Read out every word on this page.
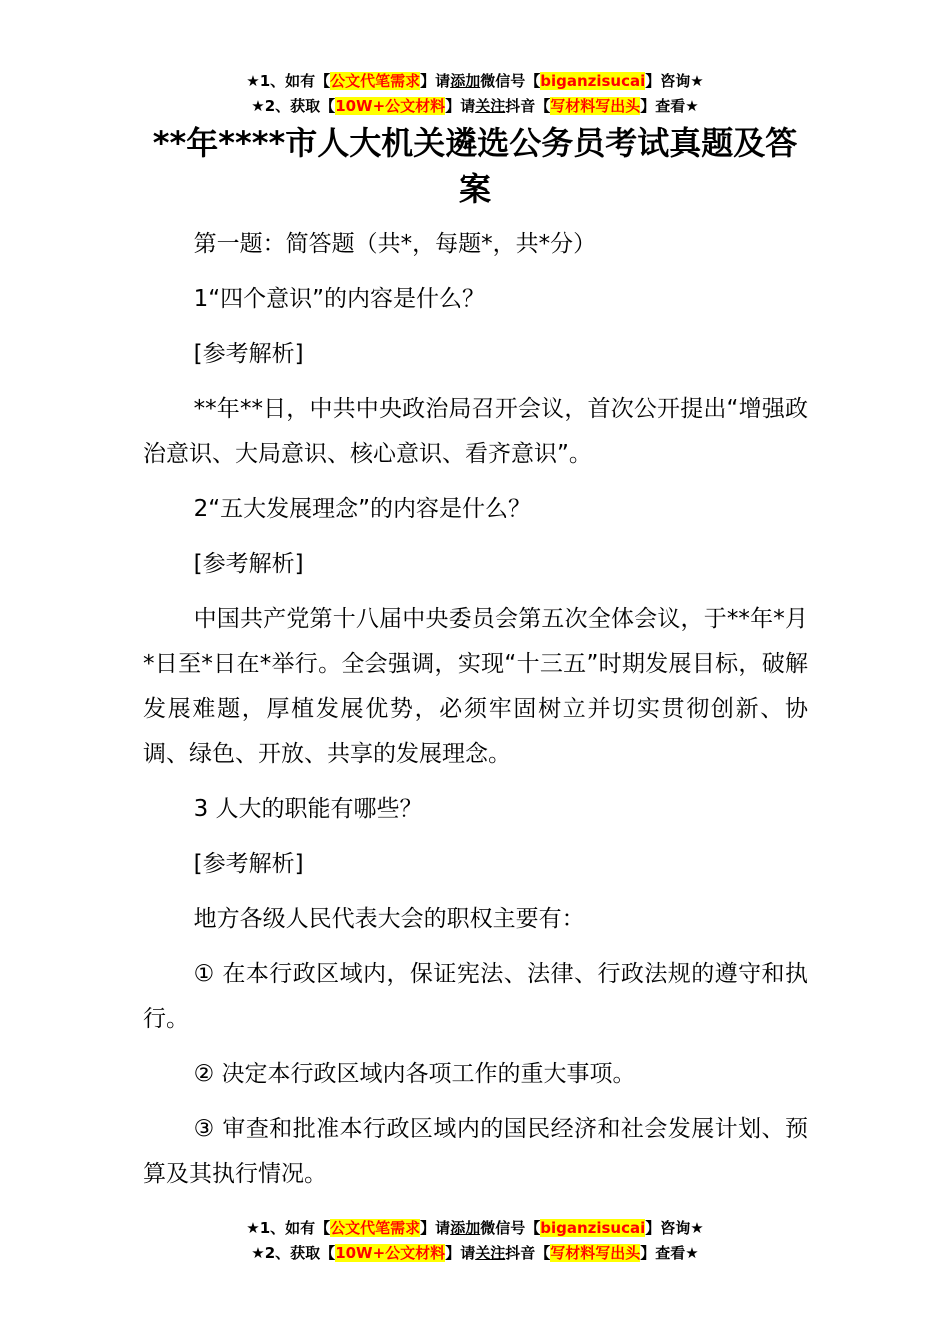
★1、如有【公文代笔需求】请添加微信号【biganzisucai】咨询★
★2、获取【10W+公文材料】请关注抖音【写材料写出头】查看★
**年****市人大机关遴选公务员考试真题及答案

第一题：简答题（共*，每题*，共*分）

1“四个意识”的内容是什么？

[参考解析]

**年**日，中共中央政治局召开会议，首次公开提出“增强政治意识、大局意识、核心意识、看齐意识”。

2“五大发展理念”的内容是什么？

[参考解析]

中国共产党第十八届中央委员会第五次全体会议，于**年*月*日至*日在*举行。全会强调，实现“十三五”时期发展目标，破解发展难题，厚植发展优势，必须牢固树立并切实贯彻创新、协调、绿色、开放、共享的发展理念。

3 人大的职能有哪些？

[参考解析]

地方各级人民代表大会的职权主要有：

① 在本行政区域内，保证宪法、法律、行政法规的遵守和执行。

② 决定本行政区域内各项工作的重大事项。

③ 审查和批准本行政区域内的国民经济和社会发展计划、预算及其执行情况。

★1、如有【公文代笔需求】请添加微信号【biganzisucai】咨询★
★2、获取【10W+公文材料】请关注抖音【写材料写出头】查看★
